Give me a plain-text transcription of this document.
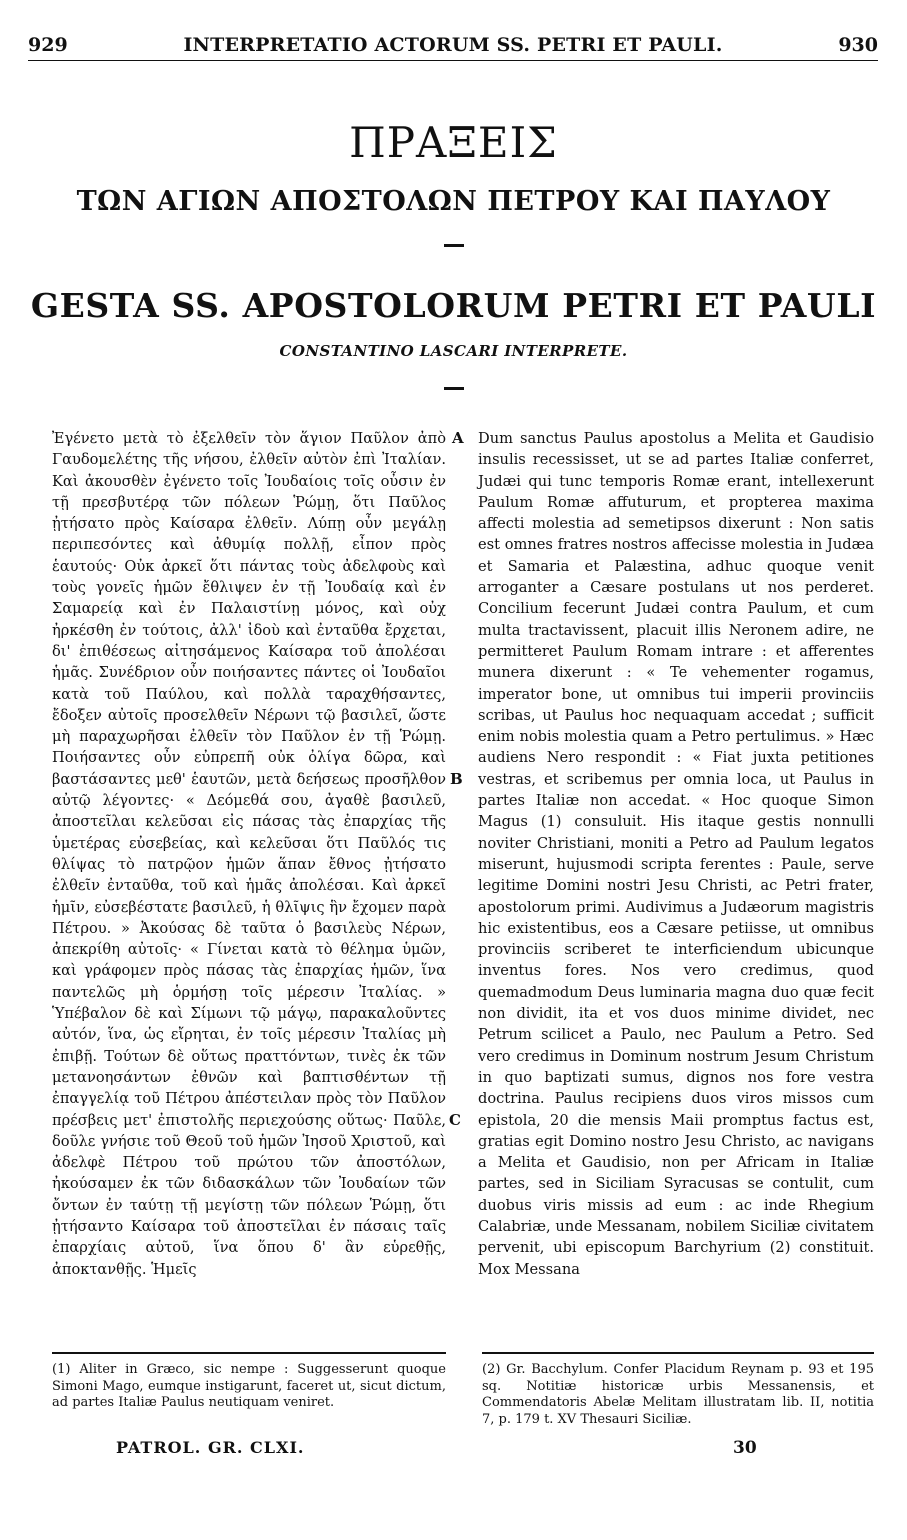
929	INTERPRETATIO ACTORUM SS. PETRI ET PAULI.	930
ΠΡΑΞΕΙΣ
ΤΩΝ ΑΓΙΩΝ ΑΠΟΣΤΟΛΩΝ ΠΕΤΡΟΥ ΚΑΙ ΠΑΥΛΟΥ
GESTA SS. APOSTOLORUM PETRI ET PAULI
CONSTANTINO LASCARI INTERPRETE.
Ἐγένετο μετὰ τὸ ἐξελθεῖν τὸν ἅγιον Παῦλον ἀπὸ Γαυδομελέτης τῆς νήσου, ἐλθεῖν αὐτὸν ἐπὶ Ἰταλίαν. Καὶ ἀκουσθὲν ἐγένετο τοῖς Ἰουδαίοις τοῖς οὖσιν ἐν τῇ πρεσβυτέρᾳ τῶν πόλεων Ῥώμῃ, ὅτι Παῦλος ᾐτήσατο πρὸς Καίσαρα ἐλθεῖν. Λύπῃ οὖν μεγάλῃ περιπεσόντες καὶ ἀθυμίᾳ πολλῇ, εἶπον πρὸς ἑαυτούς· Οὐκ ἀρκεῖ ὅτι πάντας τοὺς ἀδελφοὺς καὶ τοὺς γονεῖς ἡμῶν ἔθλιψεν ἐν τῇ Ἰουδαίᾳ καὶ ἐν Σαμαρείᾳ καὶ ἐν Παλαιστίνῃ μόνος, καὶ οὐχ ἠρκέσθη ἐν τούτοις, ἀλλ' ἰδοὺ καὶ ἐνταῦθα ἔρχεται, δι' ἐπιθέσεως αἰτησάμενος Καίσαρα τοῦ ἀπολέσαι ἡμᾶς. Συνέδριον οὖν ποιήσαντες πάντες οἱ Ἰουδαῖοι κατὰ τοῦ Παύλου, καὶ πολλὰ ταραχθήσαντες, ἔδοξεν αὐτοῖς προσελθεῖν Νέρωνι τῷ βασιλεῖ, ὥστε μὴ παραχωρῆσαι ἐλθεῖν τὸν Παῦλον ἐν τῇ Ῥώμῃ. Ποιήσαντες οὖν εὐπρεπῆ οὐκ ὀλίγα δῶρα, καὶ βαστάσαντες μεθ' ἑαυτῶν, μετὰ δεήσεως προσῆλθον αὐτῷ λέγοντες· « Δεόμεθά σου, ἀγαθὲ βασιλεῦ, ἀποστεῖλαι κελεῦσαι εἰς πάσας τὰς ἐπαρχίας τῆς ὑμετέρας εὐσεβείας, καὶ κελεῦσαι ὅτι Παῦλός τις θλίψας τὸ πατρῷον ἡμῶν ἅπαν ἔθνος ᾐτήσατο ἐλθεῖν ἐνταῦθα, τοῦ καὶ ἡμᾶς ἀπολέσαι. Καὶ ἀρκεῖ ἡμῖν, εὐσεβέστατε βασιλεῦ, ἡ θλῖψις ἣν ἔχομεν παρὰ Πέτρου. » Ἀκούσας δὲ ταῦτα ὁ βασιλεὺς Νέρων, ἀπεκρίθη αὐτοῖς· « Γίνεται κατὰ τὸ θέλημα ὑμῶν, καὶ γράφομεν πρὸς πάσας τὰς ἐπαρχίας ἡμῶν, ἵνα παντελῶς μὴ ὁρμήσῃ τοῖς μέρεσιν Ἰταλίας. » Ὑπέβαλον δὲ καὶ Σίμωνι τῷ μάγῳ, παρακαλοῦντες αὐτόν, ἵνα, ὡς εἴρηται, ἐν τοῖς μέρεσιν Ἰταλίας μὴ ἐπιβῇ. Τούτων δὲ οὕτως πραττόντων, τινὲς ἐκ τῶν μετανοησάντων ἐθνῶν καὶ βαπτισθέντων τῇ ἐπαγγελίᾳ τοῦ Πέτρου ἀπέστειλαν πρὸς τὸν Παῦλον πρέσβεις μετ' ἐπιστολῆς περιεχούσης οὕτως· Παῦλε, δοῦλε γνήσιε τοῦ Θεοῦ τοῦ ἡμῶν Ἰησοῦ Χριστοῦ, καὶ ἀδελφὲ Πέτρου τοῦ πρώτου τῶν ἀποστόλων, ἠκούσαμεν ἐκ τῶν διδασκάλων τῶν Ἰουδαίων τῶν ὄντων ἐν ταύτῃ τῇ μεγίστῃ τῶν πόλεων Ῥώμῃ, ὅτι ᾐτήσαντο Καίσαρα τοῦ ἀποστεῖλαι ἐν πάσαις ταῖς ἐπαρχίαις αὐτοῦ, ἵνα ὅπου δ' ἂν εὑρεθῇς, ἀποκτανθῇς. Ἡμεῖς
Dum sanctus Paulus apostolus a Melita et Gaudisio insulis recessisset, ut se ad partes Italiæ conferret, Judæi qui tunc temporis Romæ erant, intellexerunt Paulum Romæ affuturum, et propterea maxima affecti molestia ad semetipsos dixerunt : Non satis est omnes fratres nostros affecisse molestia in Judæa et Samaria et Palæstina, adhuc quoque venit arroganter a Cæsare postulans ut nos perderet. Concilium fecerunt Judæi contra Paulum, et cum multa tractavissent, placuit illis Neronem adire, ne permitteret Paulum Romam intrare : et afferentes munera dixerunt : « Te vehementer rogamus, imperator bone, ut omnibus tui imperii provinciis scribas, ut Paulus hoc nequaquam accedat ; sufficit enim nobis molestia quam a Petro pertulimus. » Hæc audiens Nero respondit : « Fiat juxta petitiones vestras, et scribemus per omnia loca, ut Paulus in partes Italiæ non accedat. « Hoc quoque Simon Magus (1) consuluit. His itaque gestis nonnulli noviter Christiani, moniti a Petro ad Paulum legatos miserunt, hujusmodi scripta ferentes : Paule, serve legitime Domini nostri Jesu Christi, ac Petri frater, apostolorum primi. Audivimus a Judæorum magistris hic existentibus, eos a Cæsare petiisse, ut omnibus provinciis scriberet te interficiendum ubicunque inventus fores. Nos vero credimus, quod quemadmodum Deus luminaria magna duo quæ fecit non dividit, ita et vos duos minime dividet, nec Petrum scilicet a Paulo, nec Paulum a Petro. Sed vero credimus in Dominum nostrum Jesum Christum in quo baptizati sumus, dignos nos fore vestra doctrina. Paulus recipiens duos viros missos cum epistola, 20 die mensis Maii promptus factus est, gratias egit Domino nostro Jesu Christo, ac navigans a Melita et Gaudisio, non per Africam in Italiæ partes, sed in Siciliam Syracusas se contulit, cum duobus viris missis ad eum : ac inde Rhegium Calabriæ, unde Messanam, nobilem Siciliæ civitatem pervenit, ubi episcopum Barchyrium (2) constituit. Mox Messana
A
B
C
(1) Aliter in Græco, sic nempe : Suggesserunt quoque Simoni Mago, eumque instigarunt, faceret ut, sicut dictum, ad partes Italiæ Paulus neutiquam veniret.
(2) Gr. Bacchylum. Confer Placidum Reynam p. 93 et 195 sq. Notitiæ historicæ urbis Messanensis, et Commendatoris Abelæ Melitam illustratam lib. II, notitia 7, p. 179 t. XV Thesauri Siciliæ.
PATROL. GR. CLXI.	30
